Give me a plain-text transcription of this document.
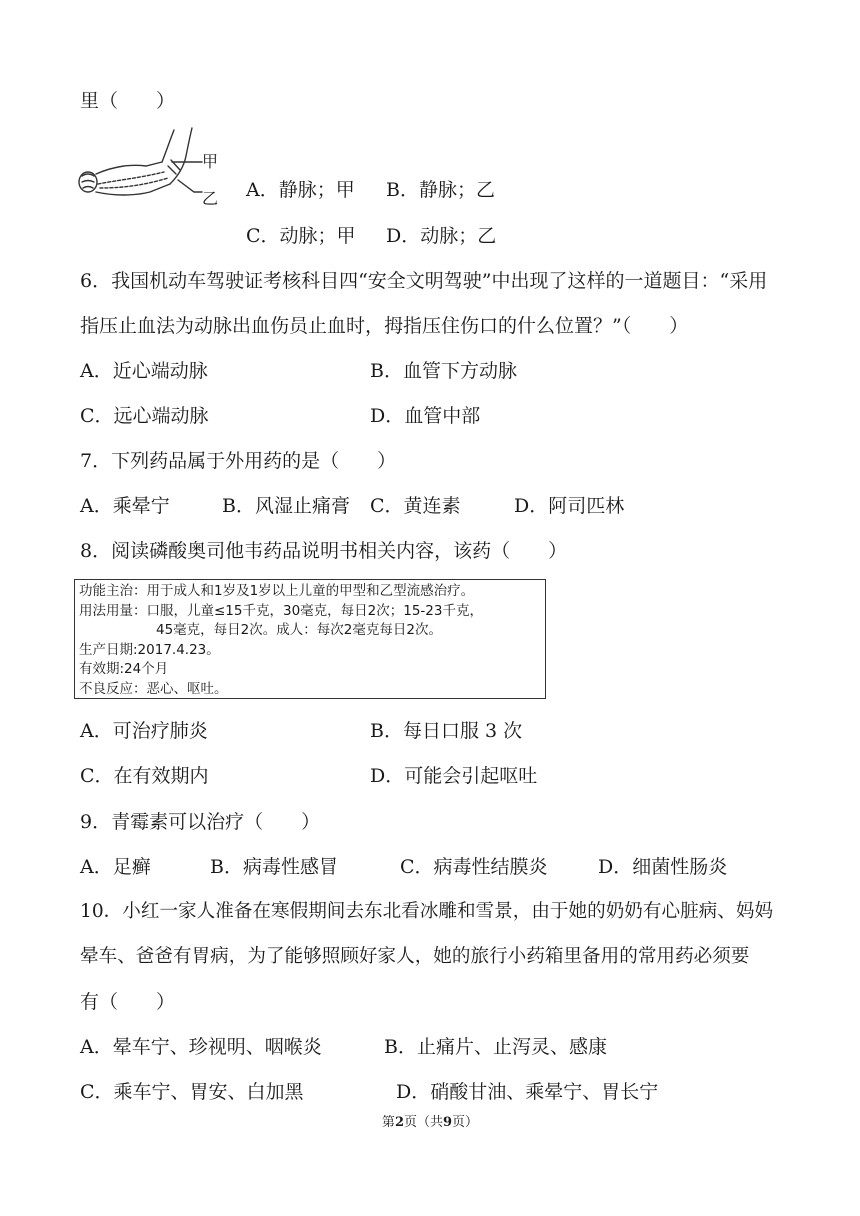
里（　　）
甲
乙 A．静脉；甲 B．静脉；乙
C．动脉；甲 D．动脉；乙
6．我国机动车驾驶证考核科目四“安全文明驾驶”中出现了这样的一道题目：“采用
指压止血法为动脉出血伤员止血时，拇指压住伤口的什么位置？”（　　）
A．近心端动脉	B．血管下方动脉
C．远心端动脉	D．血管中部
7．下列药品属于外用药的是（　　）
A．乘晕宁	B．风湿止痛膏 C．黄连素	D．阿司匹林
8．阅读磷酸奥司他韦药品说明书相关内容，该药（　　）
功能主治：用于成人和1岁及1岁以上儿童的甲型和乙型流感治疗。
用法用量：口服，儿童≤15千克，30毫克，每日2次；15-23千克，
45毫克，每日2次。成人：每次2毫克每日2次。
生产日期:2017.4.23。
有效期:24个月
不良反应：恶心、呕吐。
A．可治疗肺炎	B．每日口服 3 次
C．在有效期内	D．可能会引起呕吐
9．青霉素可以治疗（　　）
A．足癣	B．病毒性感冒	C．病毒性结膜炎	D．细菌性肠炎
10．小红一家人准备在寒假期间去东北看冰雕和雪景，由于她的奶奶有心脏病、妈妈
晕车、爸爸有胃病，为了能够照顾好家人，她的旅行小药箱里备用的常用药必须要
有（　　）
A．晕车宁、珍视明、咽喉炎	B．止痛片、止泻灵、感康
C．乘车宁、胃安、白加黑	D．硝酸甘油、乘晕宁、胃长宁
第2页（共9页）
